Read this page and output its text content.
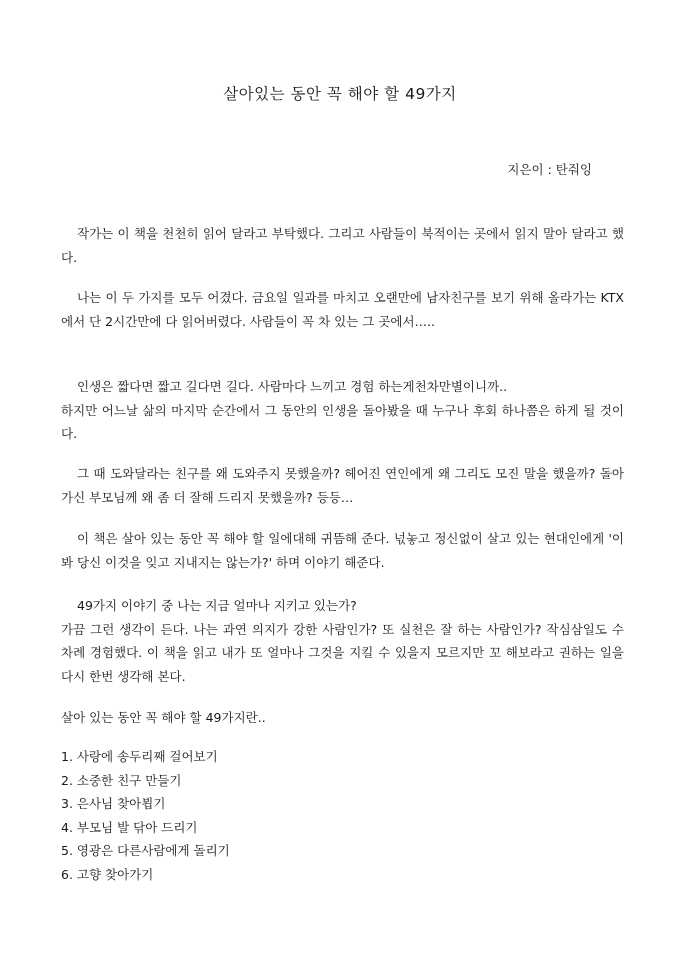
살아있는 동안 꼭 해야 할 49가지
지은이 : 탄줘잉

작가는 이 책을 천천히 읽어 달라고 부탁했다. 그리고 사람들이 북적이는 곳에서 읽지 말아 달라고 했다.

나는 이 두 가지를 모두 어겼다. 금요일 일과를 마치고 오랜만에 남자친구를 보기 위해 올라가는 KTX에서 단 2시간만에 다 읽어버렸다. 사람들이 꼭 차 있는 그 곳에서…..

인생은 짧다면 짧고 길다면 길다. 사람마다 느끼고 경험 하는게천차만별이니까..
하지만 어느날 삶의 마지막 순간에서 그 동안의 인생을 돌아봤을 때 누구나 후회 하나쯤은 하게 될 것이다.

그 때 도와달라는 친구를 왜 도와주지 못했을까? 헤어진 연인에게 왜 그리도 모진 말을 했을까? 돌아가신 부모님께 왜 좀 더 잘해 드리지 못했을까? 등등…

이 책은 살아 있는 동안 꼭 해야 할 일에대해 귀뜸해 준다. 넋놓고 정신없이 살고 있는 현대인에게 '이 봐 당신 이것을 잊고 지내지는 않는가?' 하며 이야기 해준다.

49가지 이야기 중 나는 지금 얼마나 지키고 있는가?
가끔 그런 생각이 든다. 나는 과연 의지가 강한 사람인가? 또 실천은 잘 하는 사람인가? 작심삼일도 수 차례 경험했다. 이 책을 읽고 내가 또 얼마나 그것을 지킬 수 있을지 모르지만 꼬 해보라고 권하는 일을 다시 한번 생각해 본다.

살아 있는 동안 꼭 해야 할 49가지란..

1. 사랑에 송두리째 걸어보기
2. 소중한 친구 만들기
3. 은사님 찾아뵙기
4. 부모님 발 닦아 드리기
5. 영광은 다른사람에게 돌리기
6. 고향 찾아가기
